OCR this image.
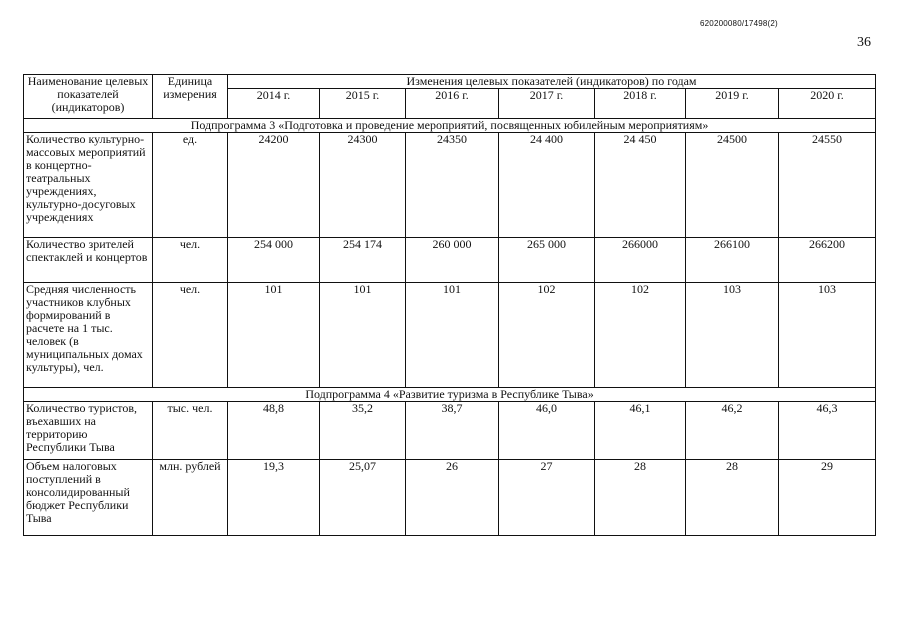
620200080/17498(2)
36
Наименование целевых показателей (индикаторов)	Единица измерения	Изменения целевых показателей (индикаторов) по годам						
		2014 г.	2015 г.	2016 г.	2017 г.	2018 г.	2019 г.	2020 г.
Подпрограмма 3 «Подготовка и проведение мероприятий, посвященных юбилейным мероприятиям»								
Количество культурно-массовых мероприятий в концертно-театральных учреждениях, культурно-досуговых учреждениях	ед.	24200	24300	24350	24 400	24 450	24500	24550
Количество зрителей спектаклей и концертов	чел.	254 000	254 174	260 000	265 000	266000	266100	266200
Средняя численность участников клубных формирований в расчете на 1 тыс. человек (в муниципальных домах культуры), чел.	чел.	101	101	101	102	102	103	103
Подпрограмма 4 «Развитие туризма в Республике Тыва»								
Количество туристов, въехавших на территорию Республики Тыва	тыс. чел.	48,8	35,2	38,7	46,0	46,1	46,2	46,3
Объем налоговых поступлений в консолидированный бюджет Республики Тыва	млн. рублей	19,3	25,07	26	27	28	28	29
